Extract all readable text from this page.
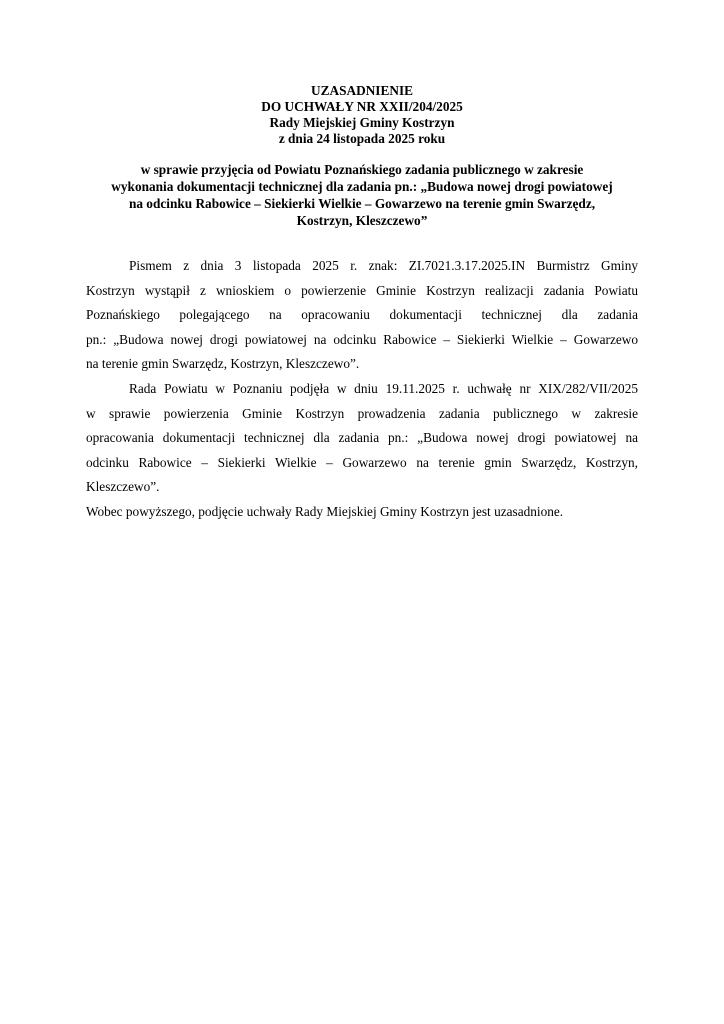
UZASADNIENIE
DO UCHWAŁY NR XXII/204/2025
Rady Miejskiej Gminy Kostrzyn
z dnia 24 listopada 2025 roku
w sprawie przyjęcia od Powiatu Poznańskiego zadania publicznego w zakresie
wykonania dokumentacji technicznej dla zadania pn.: „Budowa nowej drogi powiatowej
na odcinku Rabowice – Siekierki Wielkie – Gowarzewo na terenie gmin Swarzędz,
Kostrzyn, Kleszczewo”
Pismem z dnia 3 listopada 2025 r. znak: ZI.7021.3.17.2025.IN Burmistrz Gminy
Kostrzyn wystąpił z wnioskiem o powierzenie Gminie Kostrzyn realizacji zadania Powiatu
Poznańskiego polegającego na opracowaniu dokumentacji technicznej dla zadania
pn.: „Budowa nowej drogi powiatowej na odcinku Rabowice – Siekierki Wielkie – Gowarzewo
na terenie gmin Swarzędz, Kostrzyn, Kleszczewo”.
Rada Powiatu w Poznaniu podjęła w dniu 19.11.2025 r. uchwałę nr XIX/282/VII/2025
w sprawie powierzenia Gminie Kostrzyn prowadzenia zadania publicznego w zakresie
opracowania dokumentacji technicznej dla zadania pn.: „Budowa nowej drogi powiatowej na
odcinku Rabowice – Siekierki Wielkie – Gowarzewo na terenie gmin Swarzędz, Kostrzyn,
Kleszczewo”.
Wobec powyższego, podjęcie uchwały Rady Miejskiej Gminy Kostrzyn jest uzasadnione.
